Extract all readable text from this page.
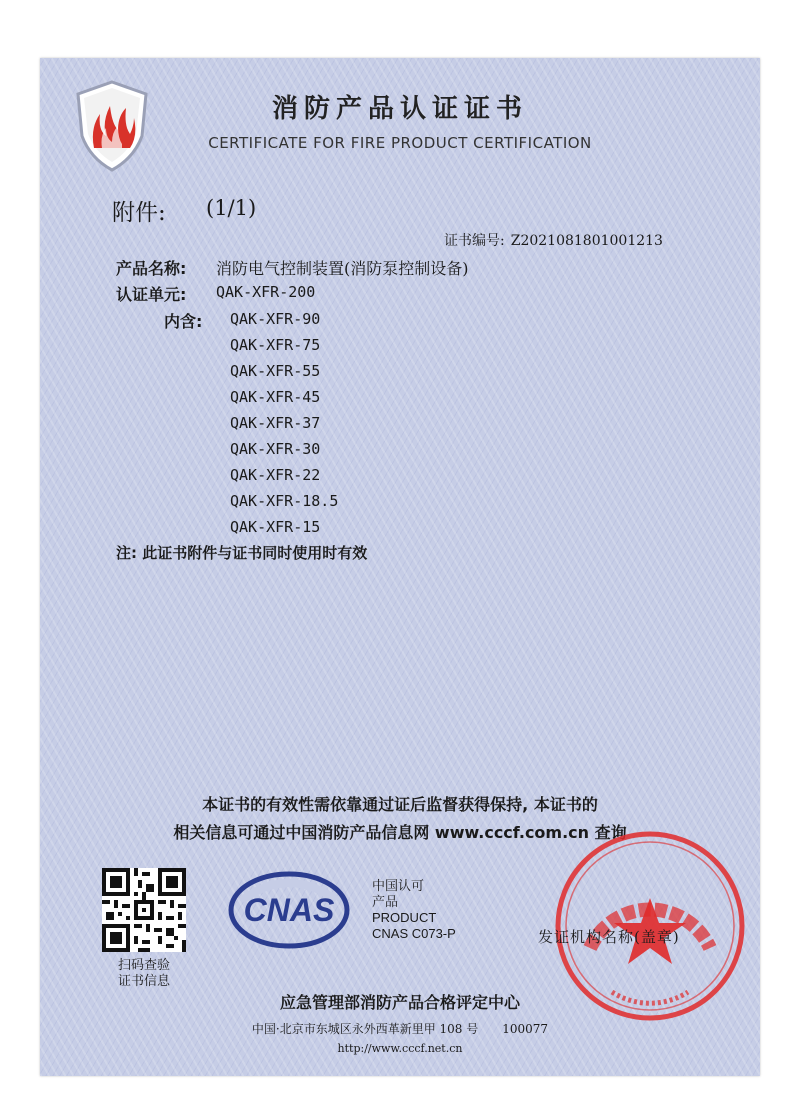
消防产品认证证书
CERTIFICATE FOR FIRE PRODUCT CERTIFICATION
附件: (1/1)
证书编号: Z2021081801001213
产品名称: 消防电气控制装置(消防泵控制设备)
认证单元: QAK-XFR-200
内含: QAK-XFR-90
QAK-XFR-75
QAK-XFR-55
QAK-XFR-45
QAK-XFR-37
QAK-XFR-30
QAK-XFR-22
QAK-XFR-18.5
QAK-XFR-15
注: 此证书附件与证书同时使用时有效
本证书的有效性需依靠通过证后监督获得保持, 本证书的
相关信息可通过中国消防产品信息网 www.cccf.com.cn 查询
扫码查验
证书信息
CNAS
中国认可
产品
PRODUCT
CNAS C073-P	发证机构名称(盖章)
应急管理部消防产品合格评定中心
中国·北京市东城区永外西革新里甲 108 号　　100077
http://www.cccf.net.cn
